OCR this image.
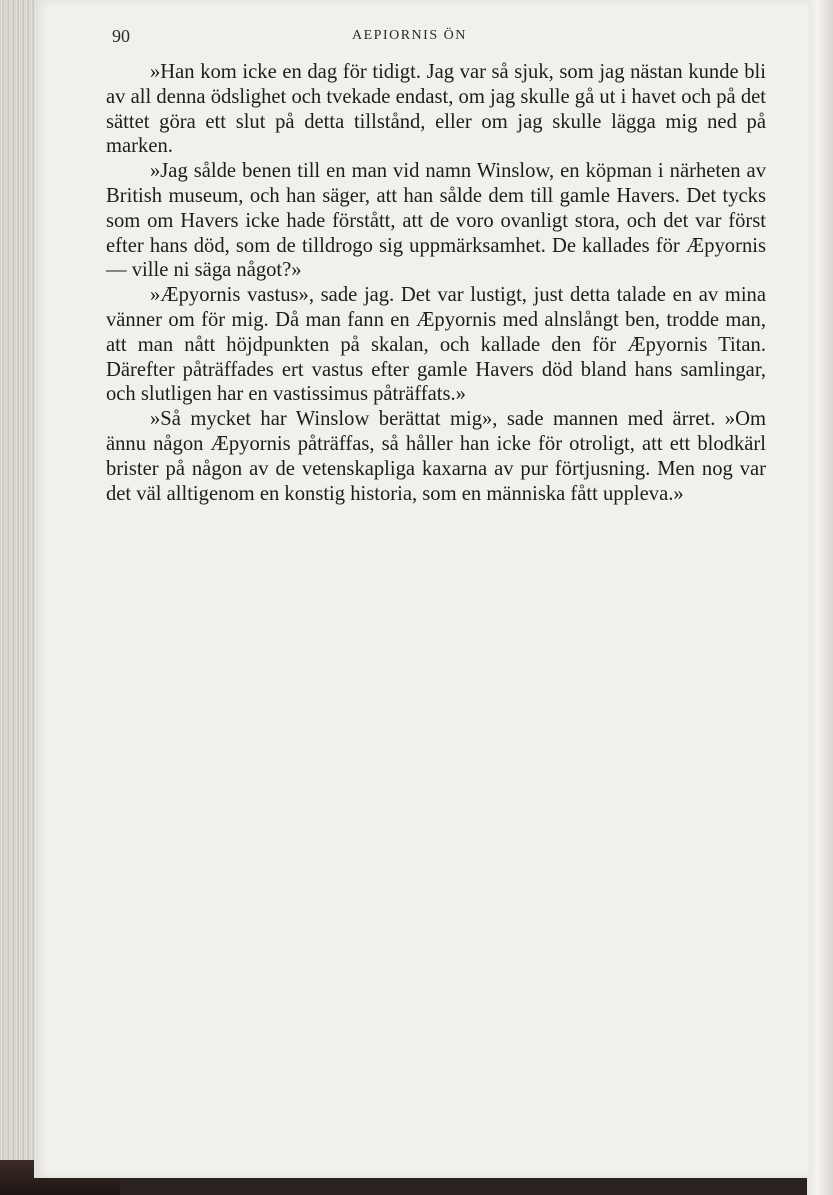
90	AEPIORNIS ÖN

»Han kom icke en dag för tidigt. Jag var så sjuk, som jag nästan kunde bli av all denna ödslighet och tvekade endast, om jag skulle gå ut i havet och på det sättet göra ett slut på detta tillstånd, eller om jag skulle lägga mig ned på marken.

»Jag sålde benen till en man vid namn Winslow, en köpman i närheten av British museum, och han säger, att han sålde dem till gamle Havers. Det tycks som om Havers icke hade förstått, att de voro ovanligt stora, och det var först efter hans död, som de tilldrogo sig uppmärksamhet. De kallades för Æpyornis — ville ni säga något?»

»Æpyornis vastus», sade jag. Det var lustigt, just detta talade en av mina vänner om för mig. Då man fann en Æpyornis med alnslångt ben, trodde man, att man nått höjdpunkten på skalan, och kallade den för Æpyornis Titan. Därefter påträffades ert vastus efter gamle Havers död bland hans samlingar, och slutligen har en vastissimus påträffats.»

»Så mycket har Winslow berättat mig», sade mannen med ärret. »Om ännu någon Æpyornis påträffas, så håller han icke för otroligt, att ett blodkärl brister på någon av de vetenskapliga kaxarna av pur förtjusning. Men nog var det väl alltigenom en konstig historia, som en människa fått uppleva.»
